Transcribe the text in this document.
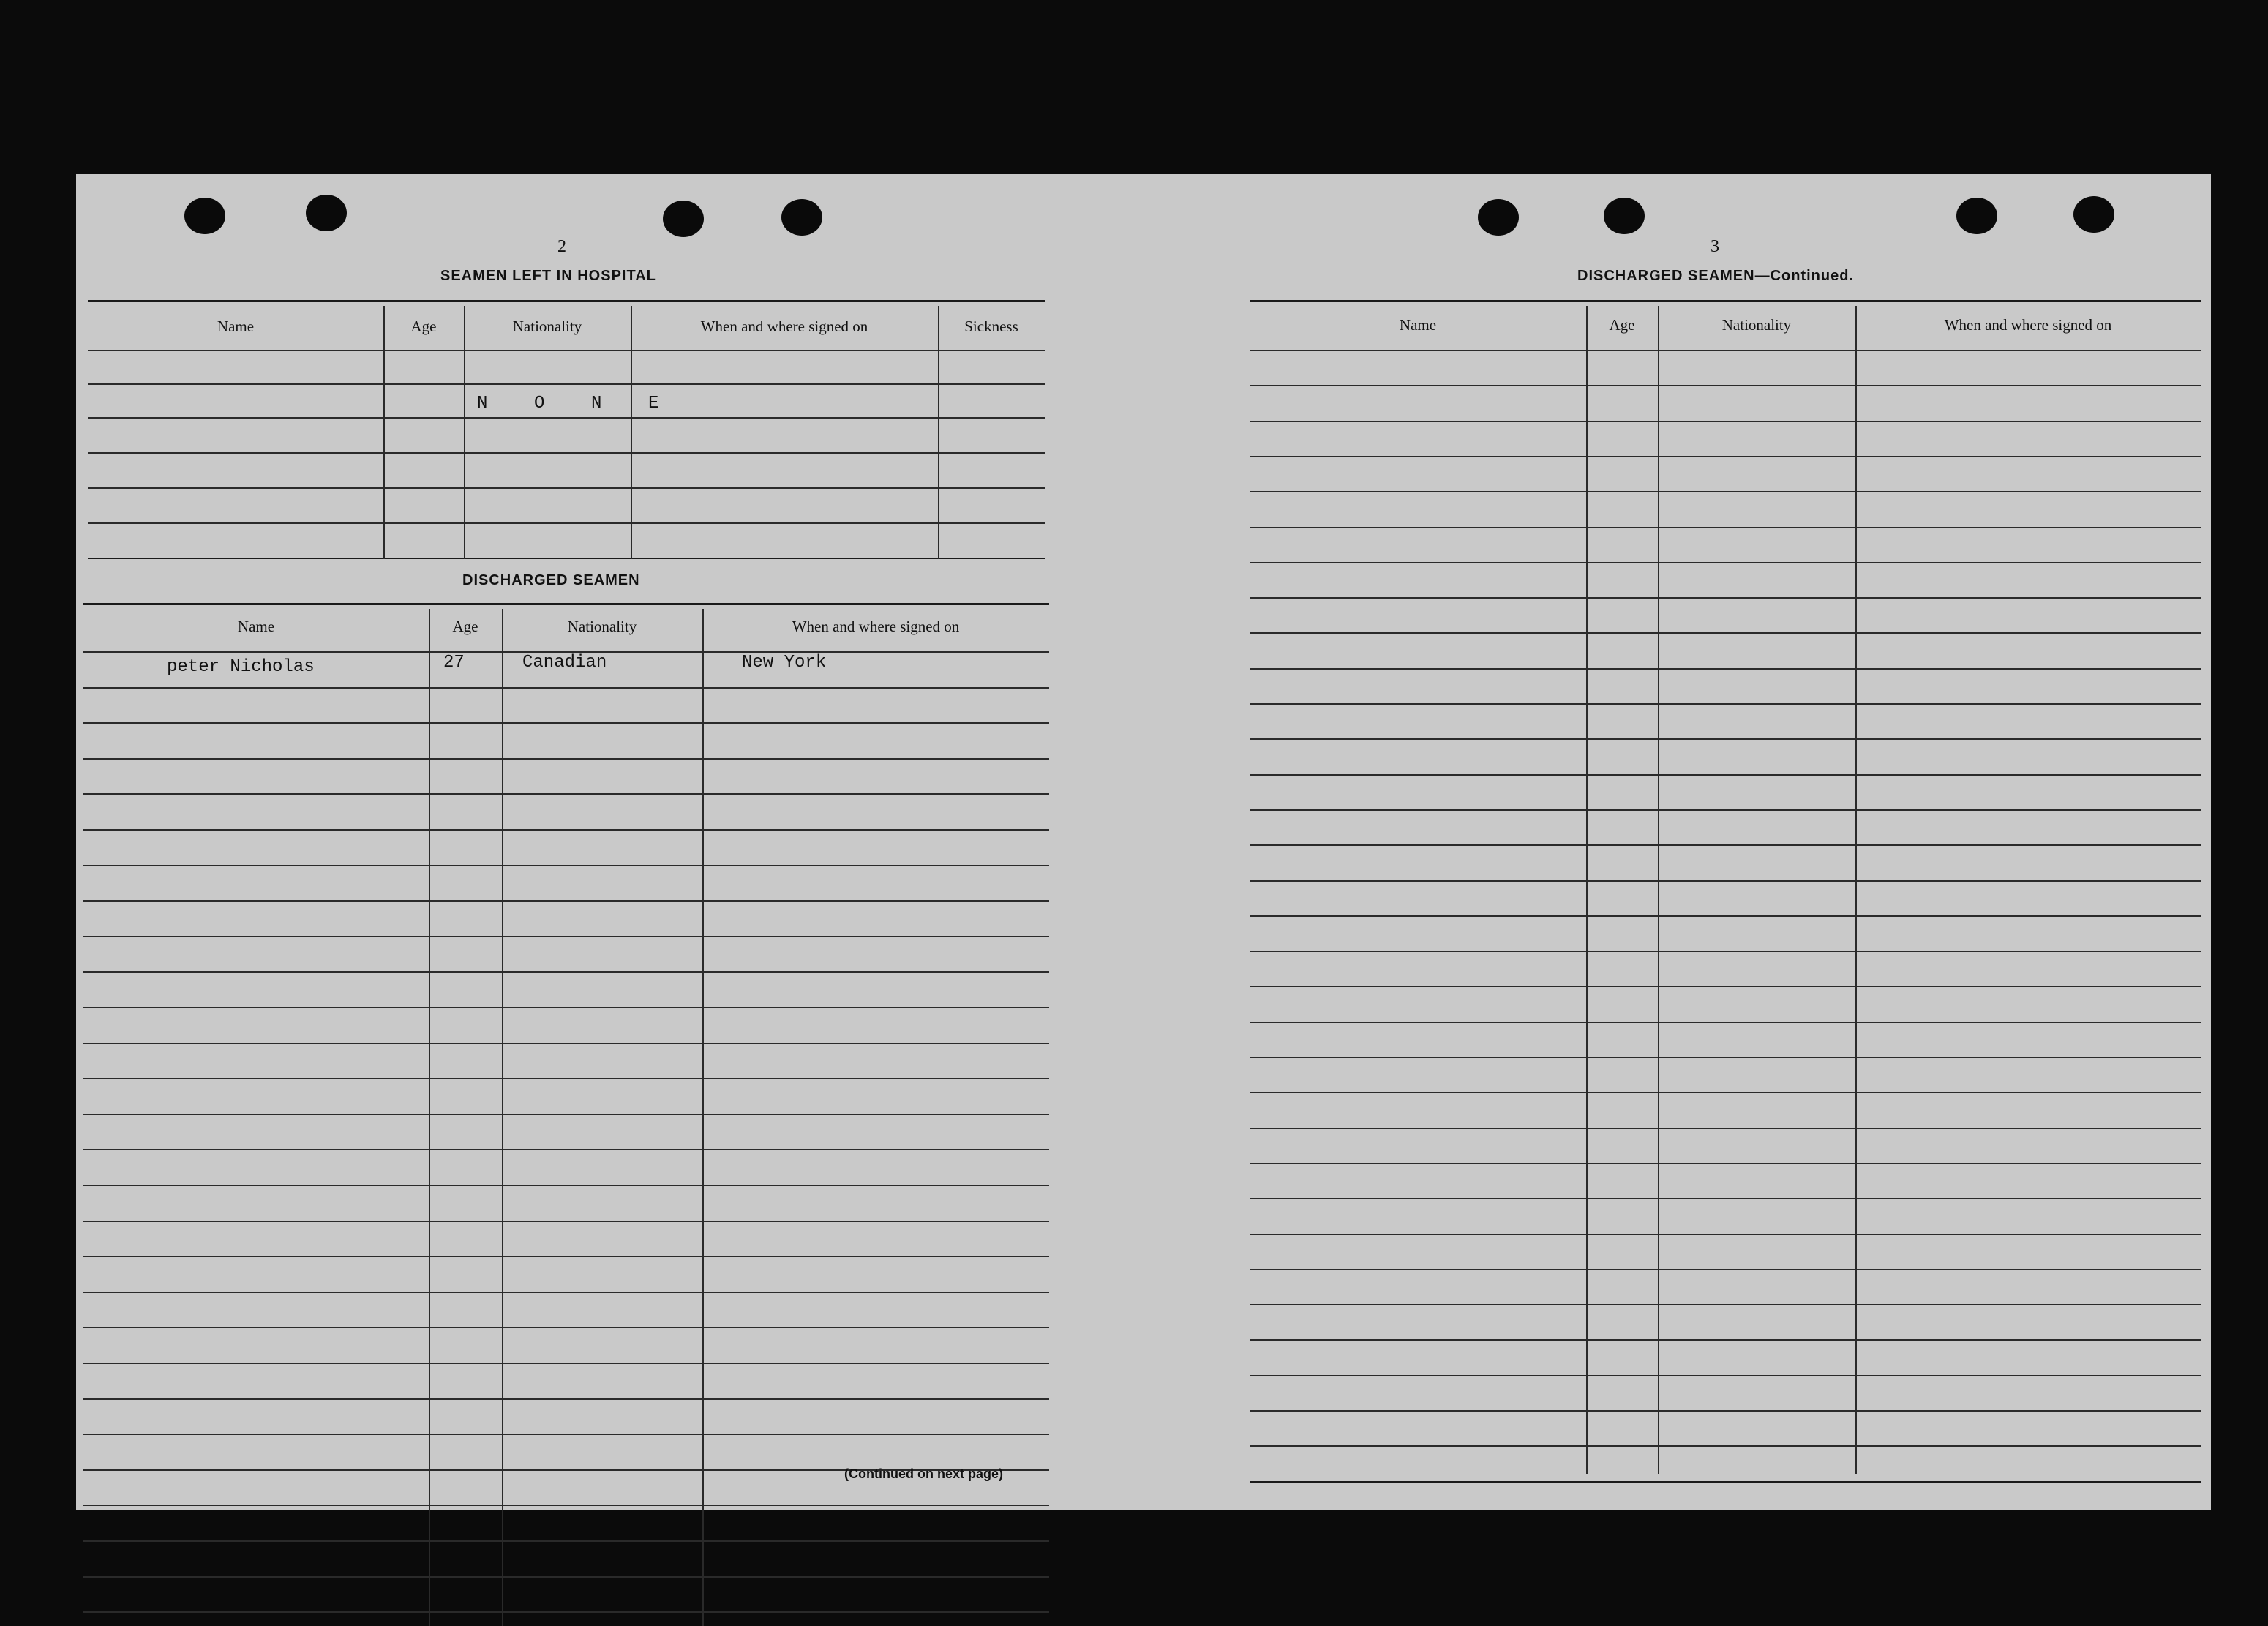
2
SEAMEN LEFT IN HOSPITAL
Name	Age	Nationality	When and where signed on	Sickness
N	O	N	E
DISCHARGED SEAMEN
Name	Age	Nationality	When and where signed on
peter Nicholas	27	Canadian	New York
(Continued on next page)
3
DISCHARGED SEAMEN—Continued.
Name	Age	Nationality	When and where signed on
